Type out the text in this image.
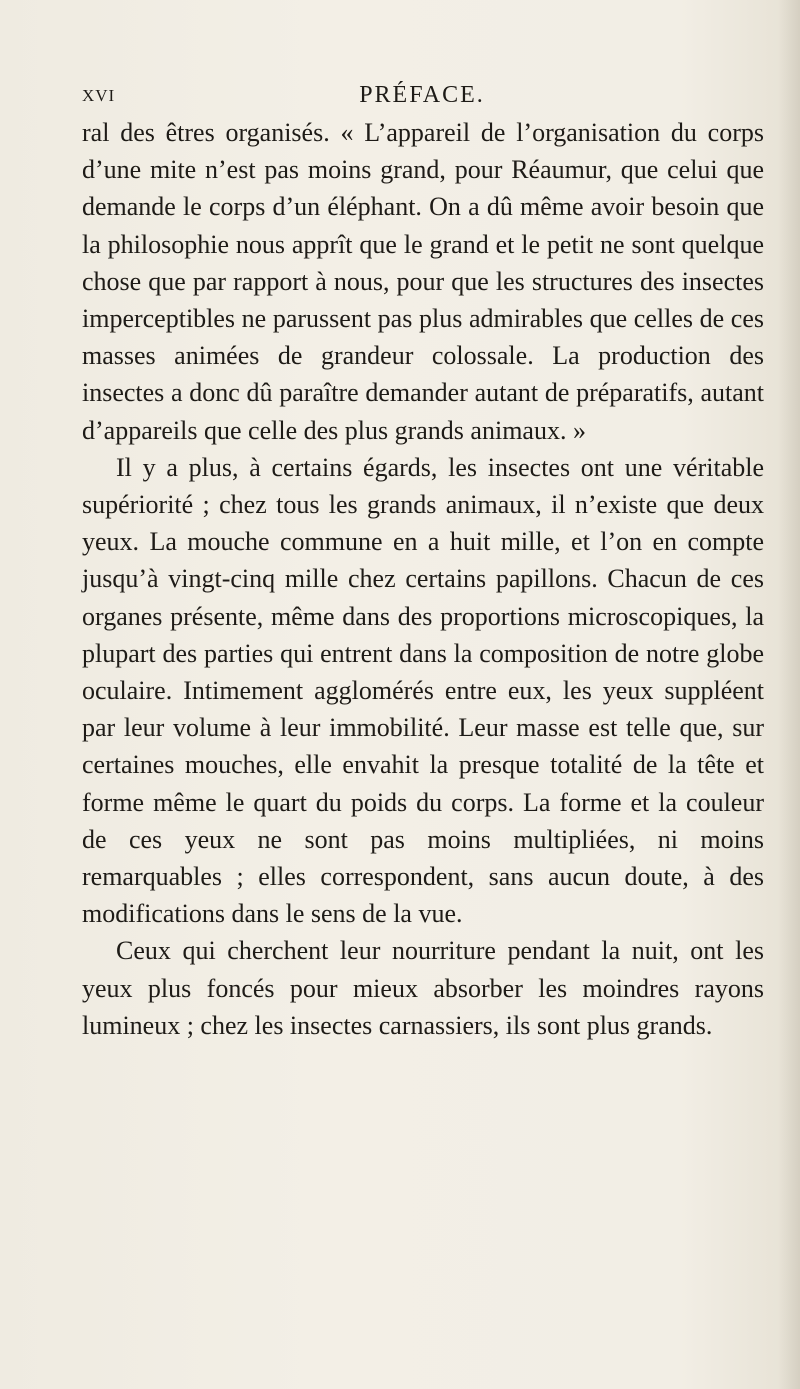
XVI	PRÉFACE.

ral des êtres organisés. « L’appareil de l’organisation du corps d’une mite n’est pas moins grand, pour Réaumur, que celui que demande le corps d’un éléphant. On a dû même avoir besoin que la philosophie nous apprît que le grand et le petit ne sont quelque chose que par rapport à nous, pour que les structures des insectes imperceptibles ne parussent pas plus admirables que celles de ces masses animées de grandeur colossale. La production des insectes a donc dû paraître demander autant de préparatifs, autant d’appareils que celle des plus grands animaux. »

Il y a plus, à certains égards, les insectes ont une véritable supériorité ; chez tous les grands animaux, il n’existe que deux yeux. La mouche commune en a huit mille, et l’on en compte jusqu’à vingt-cinq mille chez certains papillons. Chacun de ces organes présente, même dans des proportions microscopiques, la plupart des parties qui entrent dans la composition de notre globe oculaire. Intimement agglomérés entre eux, les yeux suppléent par leur volume à leur immobilité. Leur masse est telle que, sur certaines mouches, elle envahit la presque totalité de la tête et forme même le quart du poids du corps. La forme et la couleur de ces yeux ne sont pas moins multipliées, ni moins remarquables ; elles correspondent, sans aucun doute, à des modifications dans le sens de la vue.

Ceux qui cherchent leur nourriture pendant la nuit, ont les yeux plus foncés pour mieux absorber les moindres rayons lumineux ; chez les insectes carnassiers, ils sont plus grands.
